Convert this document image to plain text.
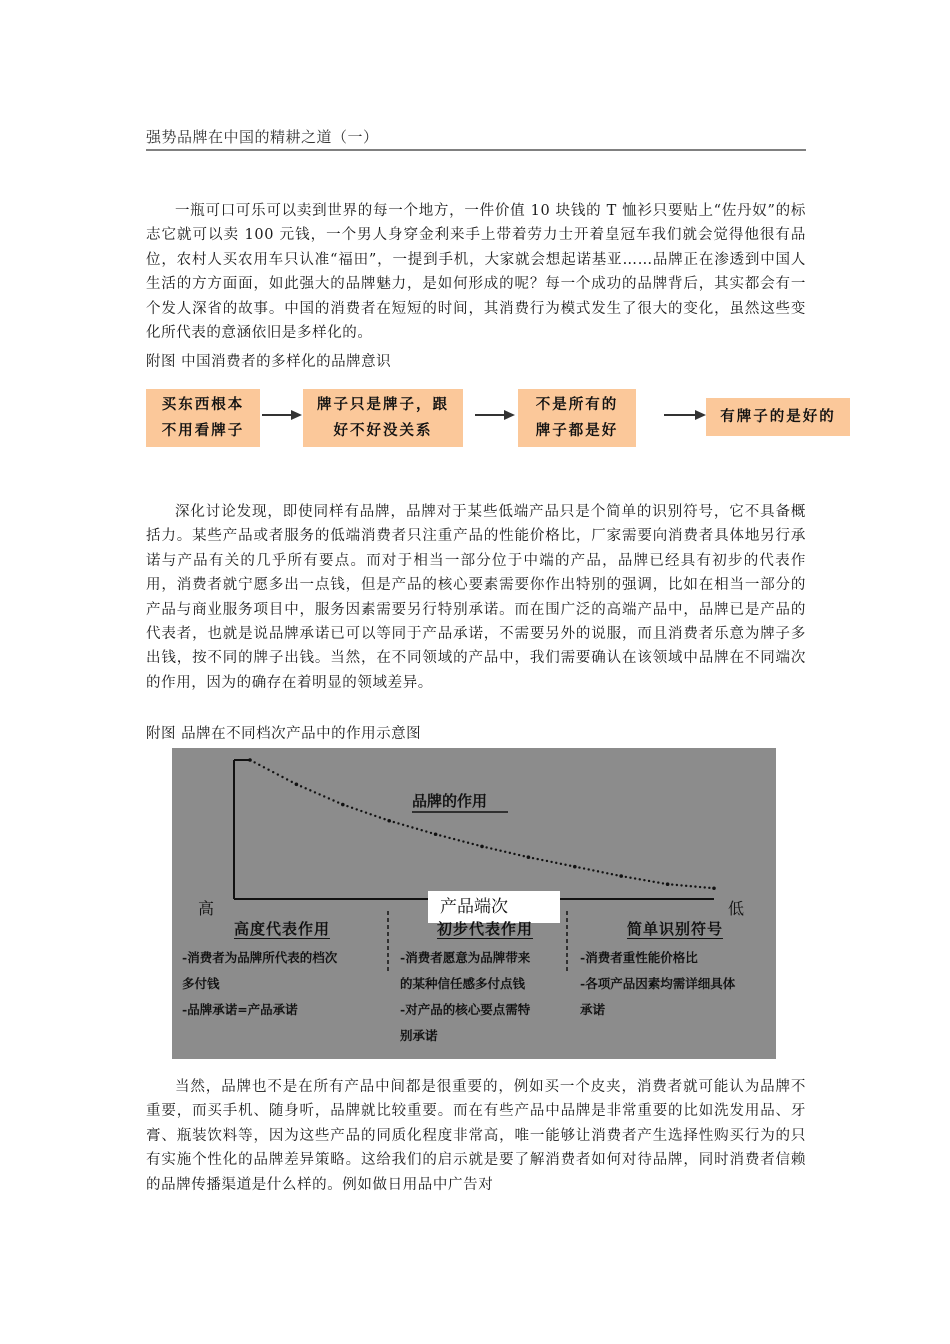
强势品牌在中国的精耕之道（一）

一瓶可口可乐可以卖到世界的每一个地方，一件价值 10 块钱的 T 恤衫只要贴上“佐丹奴”的标志它就可以卖 100 元钱，一个男人身穿金利来手上带着劳力士开着皇冠车我们就会觉得他很有品位，农村人买农用车只认准“福田”，一提到手机，大家就会想起诺基亚……品牌正在渗透到中国人生活的方方面面，如此强大的品牌魅力，是如何形成的呢？每一个成功的品牌背后，其实都会有一个发人深省的故事。中国的消费者在短短的时间，其消费行为模式发生了很大的变化，虽然这些变化所代表的意涵依旧是多样化的。

附图 中国消费者的多样化的品牌意识
买东西根本
不用看牌子
牌子只是牌子，跟
好不好没关系
不是所有的
牌子都是好
有牌子的是好的

深化讨论发现，即使同样有品牌，品牌对于某些低端产品只是个简单的识别符号，它不具备概括力。某些产品或者服务的低端消费者只注重产品的性能价格比，厂家需要向消费者具体地另行承诺与产品有关的几乎所有要点。而对于相当一部分位于中端的产品，品牌已经具有初步的代表作用，消费者就宁愿多出一点钱，但是产品的核心要素需要你作出特别的强调，比如在相当一部分的产品与商业服务项目中，服务因素需要另行特别承诺。而在围广泛的高端产品中，品牌已是产品的代表者，也就是说品牌承诺已可以等同于产品承诺，不需要另外的说服，而且消费者乐意为牌子多出钱，按不同的牌子出钱。当然，在不同领域的产品中，我们需要确认在该领域中品牌在不同端次的作用，因为的确存在着明显的领域差异。

附图 品牌在不同档次产品中的作用示意图
品牌的作用
高	低
产品端次
高度代表作用
-消费者为品牌所代表的档次
多付钱
-品牌承诺=产品承诺
初步代表作用
-消费者愿意为品牌带来
的某种信任感多付点钱
-对产品的核心要点需特
别承诺
简单识别符号
-消费者重性能价格比
-各项产品因素均需详细具体
承诺

当然，品牌也不是在所有产品中间都是很重要的，例如买一个皮夹，消费者就可能认为品牌不重要，而买手机、随身听，品牌就比较重要。而在有些产品中品牌是非常重要的比如洗发用品、牙膏、瓶装饮料等，因为这些产品的同质化程度非常高，唯一能够让消费者产生选择性购买行为的只有实施个性化的品牌差异策略。这给我们的启示就是要了解消费者如何对待品牌，同时消费者信赖的品牌传播渠道是什么样的。例如做日用品中广告对
